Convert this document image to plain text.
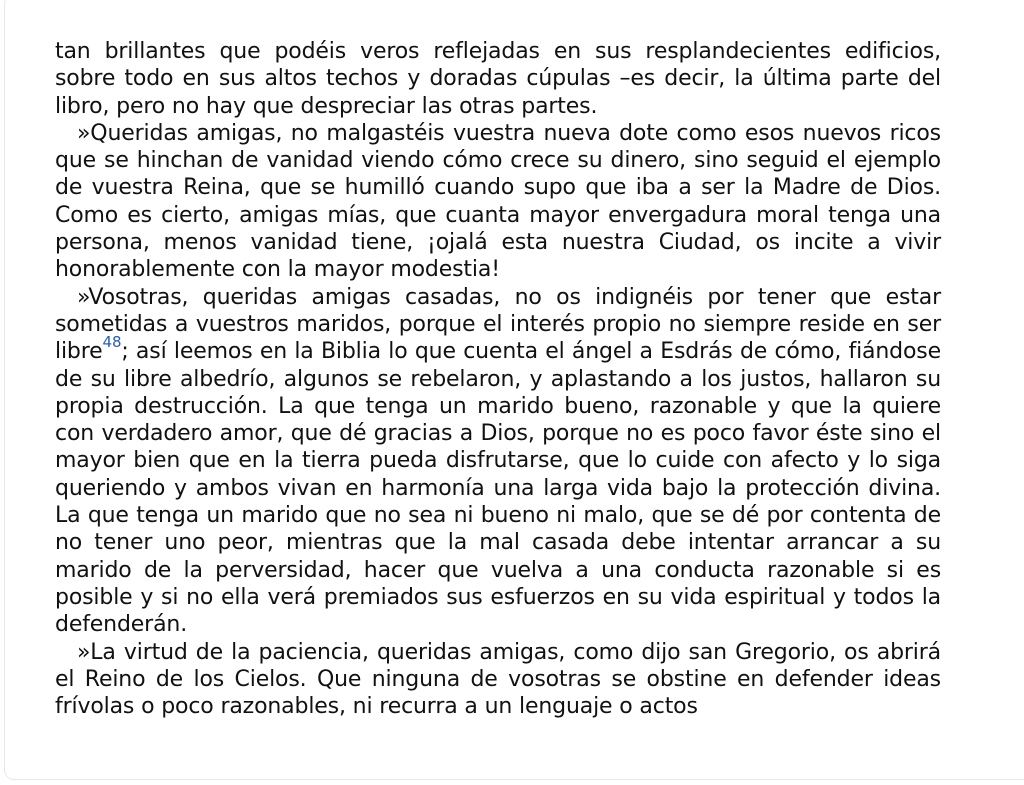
tan brillantes que podéis veros reflejadas en sus resplandecientes edificios, sobre todo en sus altos techos y doradas cúpulas –es decir, la última parte del libro, pero no hay que despreciar las otras partes.

»Queridas amigas, no malgastéis vuestra nueva dote como esos nuevos ricos que se hinchan de vanidad viendo cómo crece su dinero, sino seguid el ejemplo de vuestra Reina, que se humilló cuando supo que iba a ser la Madre de Dios. Como es cierto, amigas mías, que cuanta mayor envergadura moral tenga una persona, menos vanidad tiene, ¡ojalá esta nuestra Ciudad, os incite a vivir honorablemente con la mayor modestia!

»Vosotras, queridas amigas casadas, no os indignéis por tener que estar sometidas a vuestros maridos, porque el interés propio no siempre reside en ser libre$^{48}$; así leemos en la Biblia lo que cuenta el ángel a Esdrás de cómo, fiándose de su libre albedrío, algunos se rebelaron, y aplastando a los justos, hallaron su propia destrucción. La que tenga un marido bueno, razonable y que la quiere con verdadero amor, que dé gracias a Dios, porque no es poco favor éste sino el mayor bien que en la tierra pueda disfrutarse, que lo cuide con afecto y lo siga queriendo y ambos vivan en harmonía una larga vida bajo la protección divina. La que tenga un marido que no sea ni bueno ni malo, que se dé por contenta de no tener uno peor, mientras que la mal casada debe intentar arrancar a su marido de la perversidad, hacer que vuelva a una conducta razonable si es posible y si no ella verá premiados sus esfuerzos en su vida espiritual y todos la defenderán.

»La virtud de la paciencia, queridas amigas, como dijo san Gregorio, os abrirá el Reino de los Cielos. Que ninguna de vosotras se obstine en defender ideas frívolas o poco razonables, ni recurra a un lenguaje o actos
